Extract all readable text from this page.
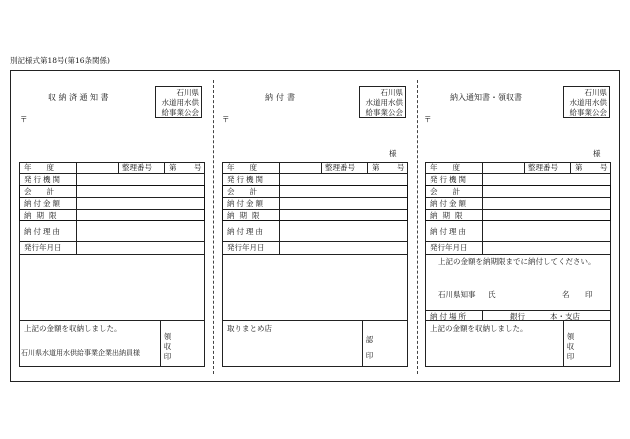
別記様式第18号(第16条関係)
収納済通知書
石川県
水道用水供
給事業公会
〒
年　　度	整理番号 第 号
発行機関
会　　計
納付金額
納期限
納付理由
発行年月日
上記の金額を収納しました。
石川県水道用水供給事業企業出納員様
領収印
納付書
石川県
水道用水供
給事業公会
〒
様
年　　度	整理番号 第 号
発行機関
会　　計
納付金額
納期限
納付理由
発行年月日
取りまとめ店
認印
納入通知書・領収書
石川県
水道用水供
給事業公会
〒
様
年　　度	整理番号 第 号
発行機関
会　　計
納付金額
納期限
納付理由
発行年月日
上記の金額を納期限までに納付してください。
石川県知事 氏	名 印
納付場所	銀行	本・支店
上記の金額を収納しました。
領収印
